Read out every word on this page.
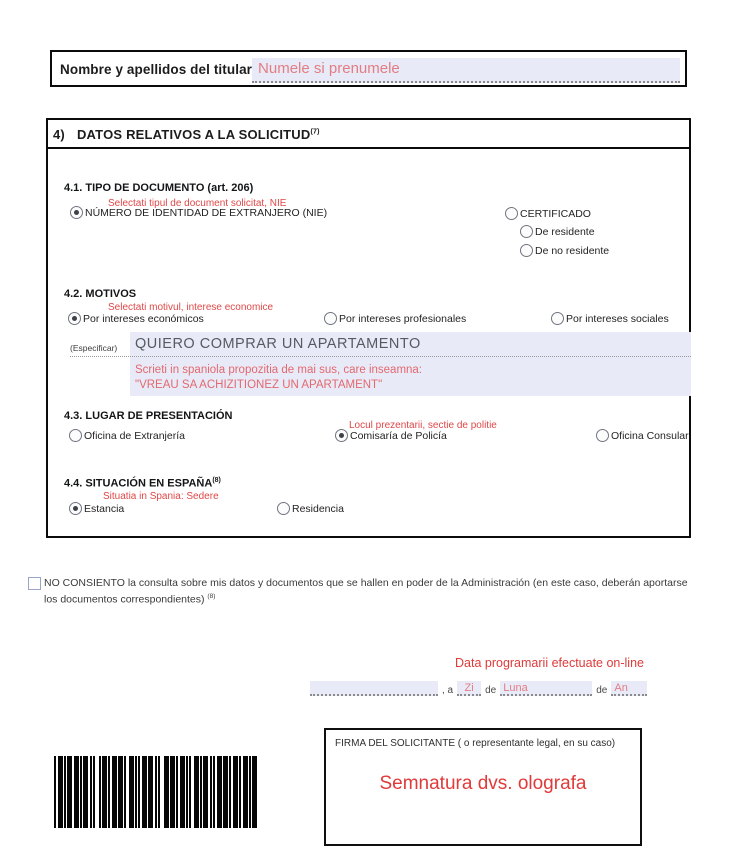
Nombre y apellidos del titular Numele si prenumele
4) DATOS RELATIVOS A LA SOLICITUD$^{(7)}$
4.1. TIPO DE DOCUMENTO (art. 206)
Selectati tipul de document solicitat, NIE
NÚMERO DE IDENTIDAD DE EXTRANJERO (NIE)	CERTIFICADO
De residente
De no residente
4.2. MOTIVOS
Selectati motivul, interese economice
Por intereses económicos	Por intereses profesionales	Por intereses sociales
(Especificar) QUIERO COMPRAR UN APARTAMENTO
Scrieti in spaniola propozitia de mai sus, care inseamna:
"VREAU SA ACHIZITIONEZ UN APARTAMENT"
4.3. LUGAR DE PRESENTACIÓN
Locul prezentarii, sectie de politie
Oficina de Extranjería	Comisaría de Policía	Oficina Consular
4.4. SITUACIÓN EN ESPAÑA$^{(8)}$
Situatia in Spania: Sedere
Estancia	Residencia
NO CONSIENTO la consulta sobre mis datos y documentos que se hallen en poder de la Administración (en este caso, deberán aportarse los documentos correspondientes) $^{(8)}$
Data programarii efectuate on-line

, a	Zi	de Luna	de An
FIRMA DEL SOLICITANTE ( o representante legal, en su caso)
Semnatura dvs. olografa
